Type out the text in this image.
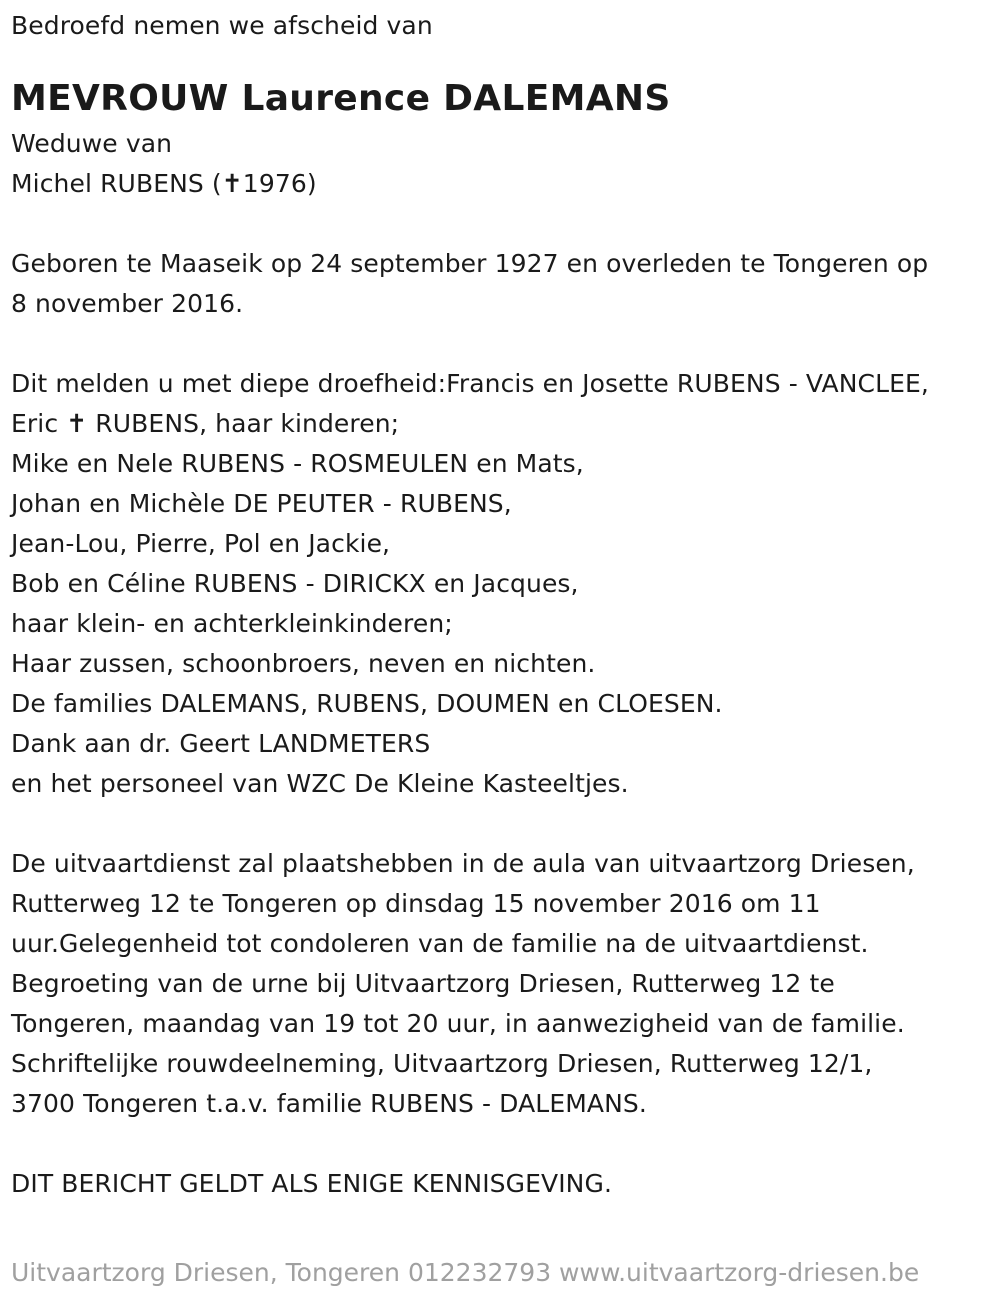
Bedroefd nemen we afscheid van
MEVROUW Laurence DALEMANS
Weduwe van
Michel RUBENS (✝1976)
Geboren te Maaseik op 24 september 1927 en overleden te Tongeren op
8 november 2016.
Dit melden u met diepe droefheid:Francis en Josette RUBENS - VANCLEE,
Eric ✝ RUBENS, haar kinderen;
Mike en Nele RUBENS - ROSMEULEN en Mats,
Johan en Michèle DE PEUTER - RUBENS,
Jean-Lou, Pierre, Pol en Jackie,
Bob en Céline RUBENS - DIRICKX en Jacques,
haar klein- en achterkleinkinderen;
Haar zussen, schoonbroers, neven en nichten.
De families DALEMANS, RUBENS, DOUMEN en CLOESEN.
Dank aan dr. Geert LANDMETERS
en het personeel van WZC De Kleine Kasteeltjes.
De uitvaartdienst zal plaatshebben in de aula van uitvaartzorg Driesen,
Rutterweg 12 te Tongeren op dinsdag 15 november 2016 om 11
uur.Gelegenheid tot condoleren van de familie na de uitvaartdienst.
Begroeting van de urne bij Uitvaartzorg Driesen, Rutterweg 12 te
Tongeren, maandag van 19 tot 20 uur, in aanwezigheid van de familie.
Schriftelijke rouwdeelneming, Uitvaartzorg Driesen, Rutterweg 12/1,
3700 Tongeren t.a.v. familie RUBENS - DALEMANS.
DIT BERICHT GELDT ALS ENIGE KENNISGEVING.
Uitvaartzorg Driesen, Tongeren 012232793 www.uitvaartzorg-driesen.be
